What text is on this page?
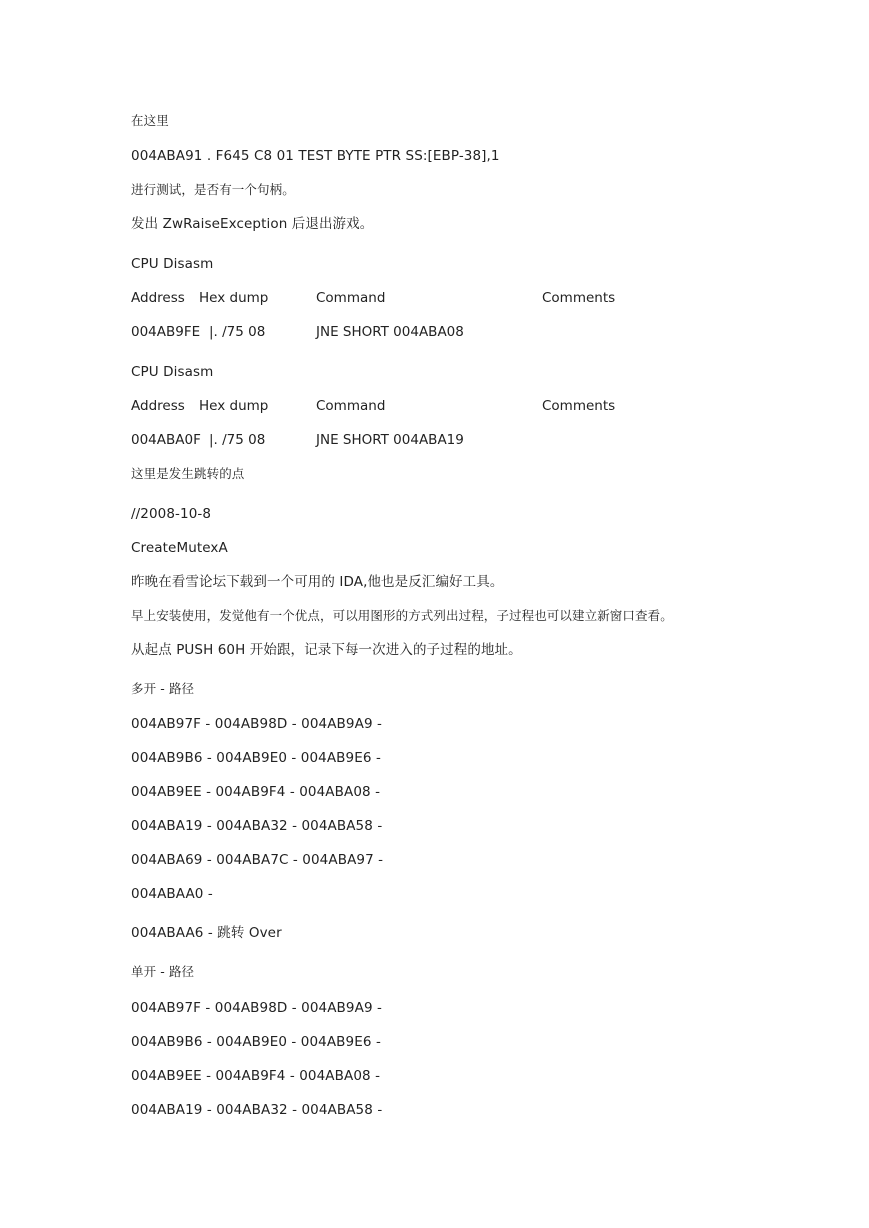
在这里
004ABA91 . F645 C8 01 TEST BYTE PTR SS:[EBP-38],1
进行测试，是否有一个句柄。
发出 ZwRaiseException 后退出游戏。
CPU Disasm
Address Hex dump	Command	Comments
004AB9FE |. /75 08	JNE SHORT 004ABA08
CPU Disasm
Address Hex dump	Command	Comments
004ABA0F |. /75 08	JNE SHORT 004ABA19
这里是发生跳转的点
//2008-10-8
CreateMutexA
昨晚在看雪论坛下载到一个可用的 IDA,他也是反汇编好工具。
早上安装使用，发觉他有一个优点，可以用图形的方式列出过程，子过程也可以建立新窗口查看。
从起点 PUSH 60H 开始跟，记录下每一次进入的子过程的地址。
多开 - 路径
004AB97F - 004AB98D - 004AB9A9 -
004AB9B6 - 004AB9E0 - 004AB9E6 -
004AB9EE - 004AB9F4 - 004ABA08 -
004ABA19 - 004ABA32 - 004ABA58 -
004ABA69 - 004ABA7C - 004ABA97 -
004ABAA0 -
004ABAA6 - 跳转 Over
单开 - 路径
004AB97F - 004AB98D - 004AB9A9 -
004AB9B6 - 004AB9E0 - 004AB9E6 -
004AB9EE - 004AB9F4 - 004ABA08 -
004ABA19 - 004ABA32 - 004ABA58 -
